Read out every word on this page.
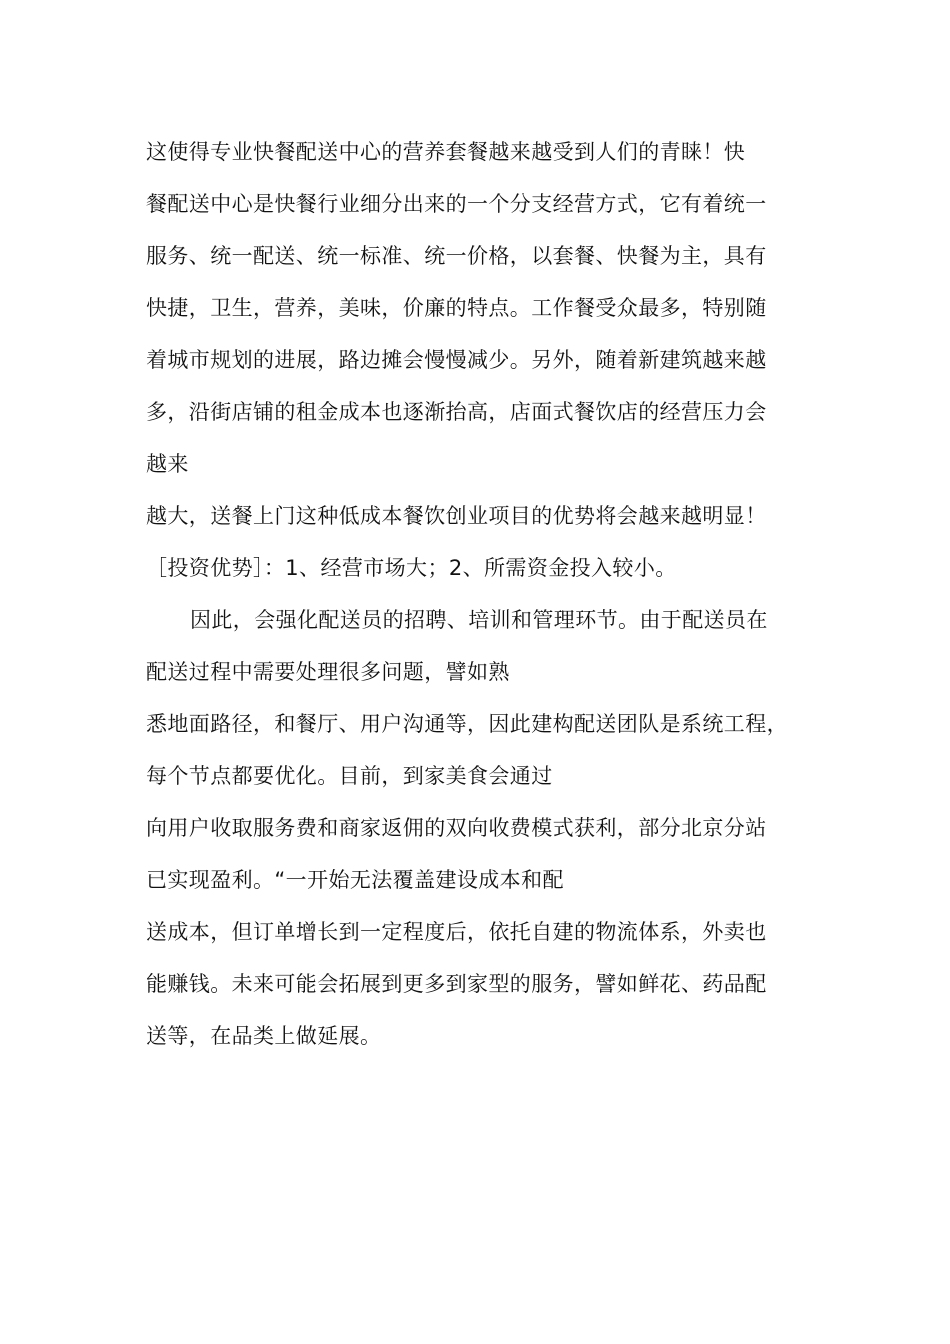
这使得专业快餐配送中心的营养套餐越来越受到人们的青睐！快
餐配送中心是快餐行业细分出来的一个分支经营方式，它有着统一
服务、统一配送、统一标准、统一价格，以套餐、快餐为主，具有
快捷，卫生，营养，美味，价廉的特点。工作餐受众最多，特别随
着城市规划的进展，路边摊会慢慢减少。另外，随着新建筑越来越
多，沿街店铺的租金成本也逐渐抬高，店面式餐饮店的经营压力会
越来
越大，送餐上门这种低成本餐饮创业项目的优势将会越来越明显！
［投资优势］：1、经营市场大；2、所需资金投入较小。
因此，会强化配送员的招聘、培训和管理环节。由于配送员在
配送过程中需要处理很多问题，譬如熟
悉地面路径，和餐厅、用户沟通等，因此建构配送团队是系统工程，
每个节点都要优化。目前，到家美食会通过
向用户收取服务费和商家返佣的双向收费模式获利，部分北京分站
已实现盈利。“一开始无法覆盖建设成本和配
送成本，但订单增长到一定程度后，依托自建的物流体系，外卖也
能赚钱。未来可能会拓展到更多到家型的服务，譬如鲜花、药品配
送等，在品类上做延展。
